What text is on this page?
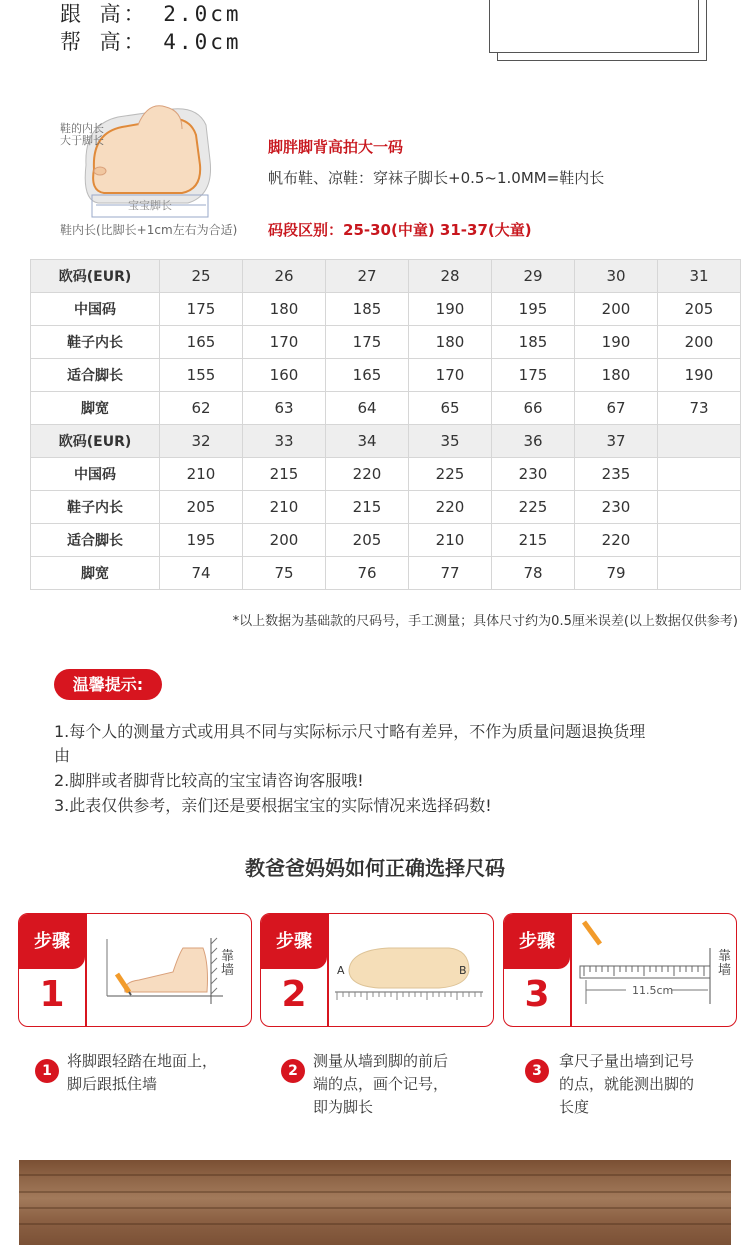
跟 高： 2.0cm
帮 高： 4.0cm
鞋的内长
大于脚长
宝宝脚长
鞋内长(比脚长+1cm左右为合适)
脚胖脚背高拍大一码
帆布鞋、凉鞋：穿袜子脚长+0.5~1.0MM=鞋内长
码段区别：25-30(中童) 31-37(大童)
欧码(EUR)	25	26	27	28	29	30	31
中国码	175	180	185	190	195	200	205
鞋子内长	165	170	175	180	185	190	200
适合脚长	155	160	165	170	175	180	190
脚宽	62	63	64	65	66	67	73
欧码(EUR)	32	33	34	35	36	37	
中国码	210	215	220	225	230	235	
鞋子内长	205	210	215	220	225	230	
适合脚长	195	200	205	210	215	220	
脚宽	74	75	76	77	78	79	
*以上数据为基础款的尺码号，手工测量；具体尺寸约为0.5厘米误差(以上数据仅供参考)
温馨提示:
1.每个人的测量方式或用具不同与实际标示尺寸略有差异，不作为质量问题退换货理
由
2.脚胖或者脚背比较高的宝宝请咨询客服哦!
3.此表仅供参考，亲们还是要根据宝宝的实际情况来选择码数!
教爸爸妈妈如何正确选择尺码
步骤
1
靠
墙
步骤
2
A	B
步骤
3	11.5cm
靠
墙
1
将脚跟轻踏在地面上，
脚后跟抵住墙
2
测量从墙到脚的前后
端的点，画个记号，
即为脚长
3
拿尺子量出墙到记号
的点，就能测出脚的
长度
